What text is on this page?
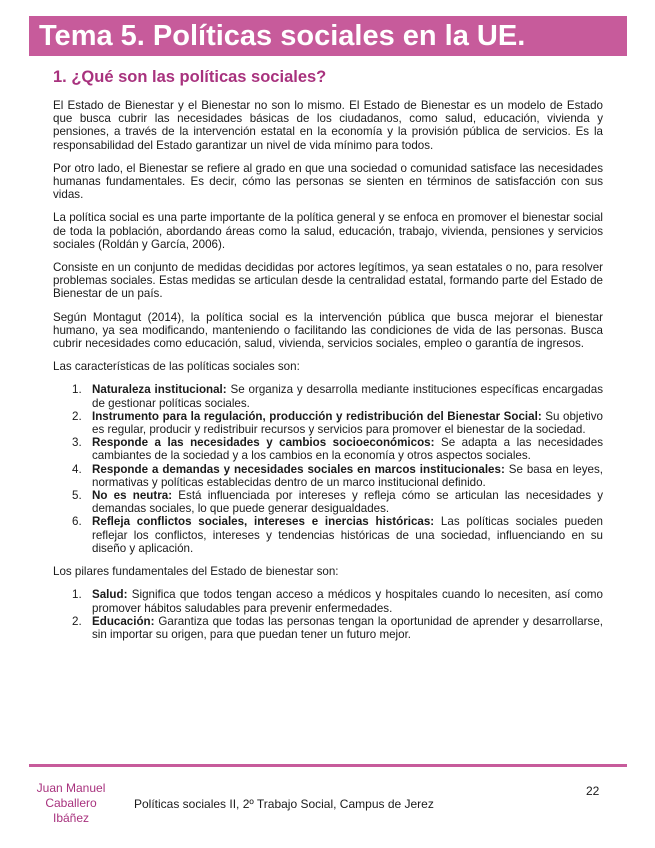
Tema 5. Políticas sociales en la UE.
1. ¿Qué son las políticas sociales?

El Estado de Bienestar y el Bienestar no son lo mismo. El Estado de Bienestar es un modelo de Estado que busca cubrir las necesidades básicas de los ciudadanos, como salud, educación, vivienda y pensiones, a través de la intervención estatal en la economía y la provisión pública de servicios. Es la responsabilidad del Estado garantizar un nivel de vida mínimo para todos.

Por otro lado, el Bienestar se refiere al grado en que una sociedad o comunidad satisface las necesidades humanas fundamentales. Es decir, cómo las personas se sienten en términos de satisfacción con sus vidas.

La política social es una parte importante de la política general y se enfoca en promover el bienestar social de toda la población, abordando áreas como la salud, educación, trabajo, vivienda, pensiones y servicios sociales (Roldán y García, 2006).

Consiste en un conjunto de medidas decididas por actores legítimos, ya sean estatales o no, para resolver problemas sociales. Estas medidas se articulan desde la centralidad estatal, formando parte del Estado de Bienestar de un país.

Según Montagut (2014), la política social es la intervención pública que busca mejorar el bienestar humano, ya sea modificando, manteniendo o facilitando las condiciones de vida de las personas. Busca cubrir necesidades como educación, salud, vivienda, servicios sociales, empleo o garantía de ingresos.

Las características de las políticas sociales son:

1. Naturaleza institucional: Se organiza y desarrolla mediante instituciones específicas encargadas de gestionar políticas sociales.
2. Instrumento para la regulación, producción y redistribución del Bienestar Social: Su objetivo es regular, producir y redistribuir recursos y servicios para promover el bienestar de la sociedad.
3. Responde a las necesidades y cambios socioeconómicos: Se adapta a las necesidades cambiantes de la sociedad y a los cambios en la economía y otros aspectos sociales.
4. Responde a demandas y necesidades sociales en marcos institucionales: Se basa en leyes, normativas y políticas establecidas dentro de un marco institucional definido.
5. No es neutra: Está influenciada por intereses y refleja cómo se articulan las necesidades y demandas sociales, lo que puede generar desigualdades.
6. Refleja conflictos sociales, intereses e inercias históricas: Las políticas sociales pueden reflejar los conflictos, intereses y tendencias históricas de una sociedad, influenciando en su diseño y aplicación.

Los pilares fundamentales del Estado de bienestar son:

1. Salud: Significa que todos tengan acceso a médicos y hospitales cuando lo necesiten, así como promover hábitos saludables para prevenir enfermedades.
2. Educación: Garantiza que todas las personas tengan la oportunidad de aprender y desarrollarse, sin importar su origen, para que puedan tener un futuro mejor.
Juan Manuel
Caballero
Ibáñez
Políticas sociales II, 2º Trabajo Social, Campus de Jerez
22
